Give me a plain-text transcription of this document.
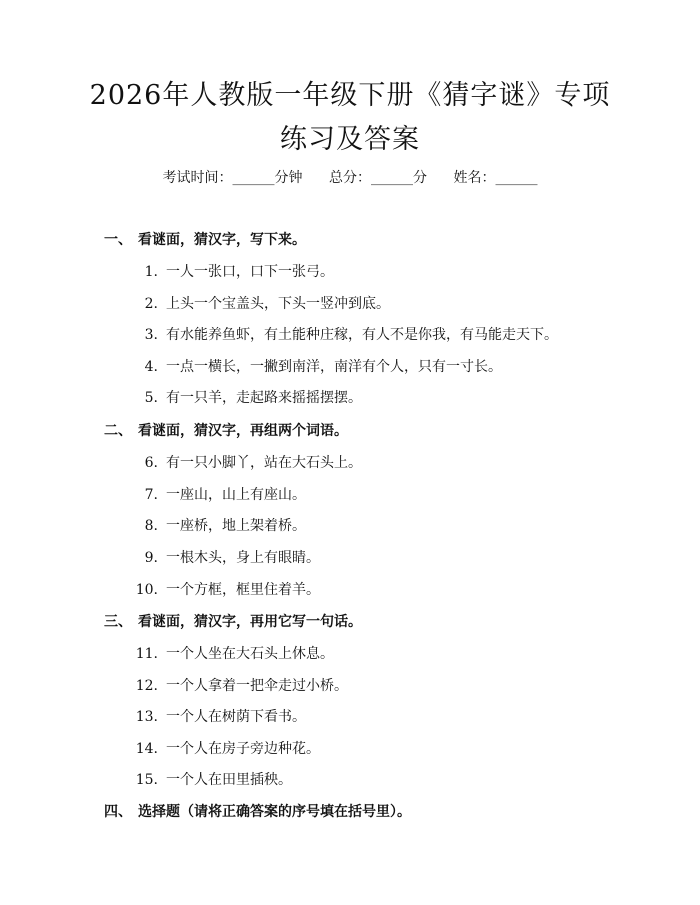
2026年人教版一年级下册《猜字谜》专项练习及答案
考试时间：______分钟 总分：______分 姓名：______
一、 看谜面，猜汉字，写下来。
1. 一人一张口，口下一张弓。
2. 上头一个宝盖头，下头一竖冲到底。
3. 有水能养鱼虾，有土能种庄稼，有人不是你我，有马能走天下。
4. 一点一横长，一撇到南洋，南洋有个人，只有一寸长。
5. 有一只羊，走起路来摇摇摆摆。
二、 看谜面，猜汉字，再组两个词语。
6. 有一只小脚丫，站在大石头上。
7. 一座山，山上有座山。
8. 一座桥，地上架着桥。
9. 一根木头，身上有眼睛。
10. 一个方框，框里住着羊。
三、 看谜面，猜汉字，再用它写一句话。
11. 一个人坐在大石头上休息。
12. 一个人拿着一把伞走过小桥。
13. 一个人在树荫下看书。
14. 一个人在房子旁边种花。
15. 一个人在田里插秧。
四、 选择题（请将正确答案的序号填在括号里）。
